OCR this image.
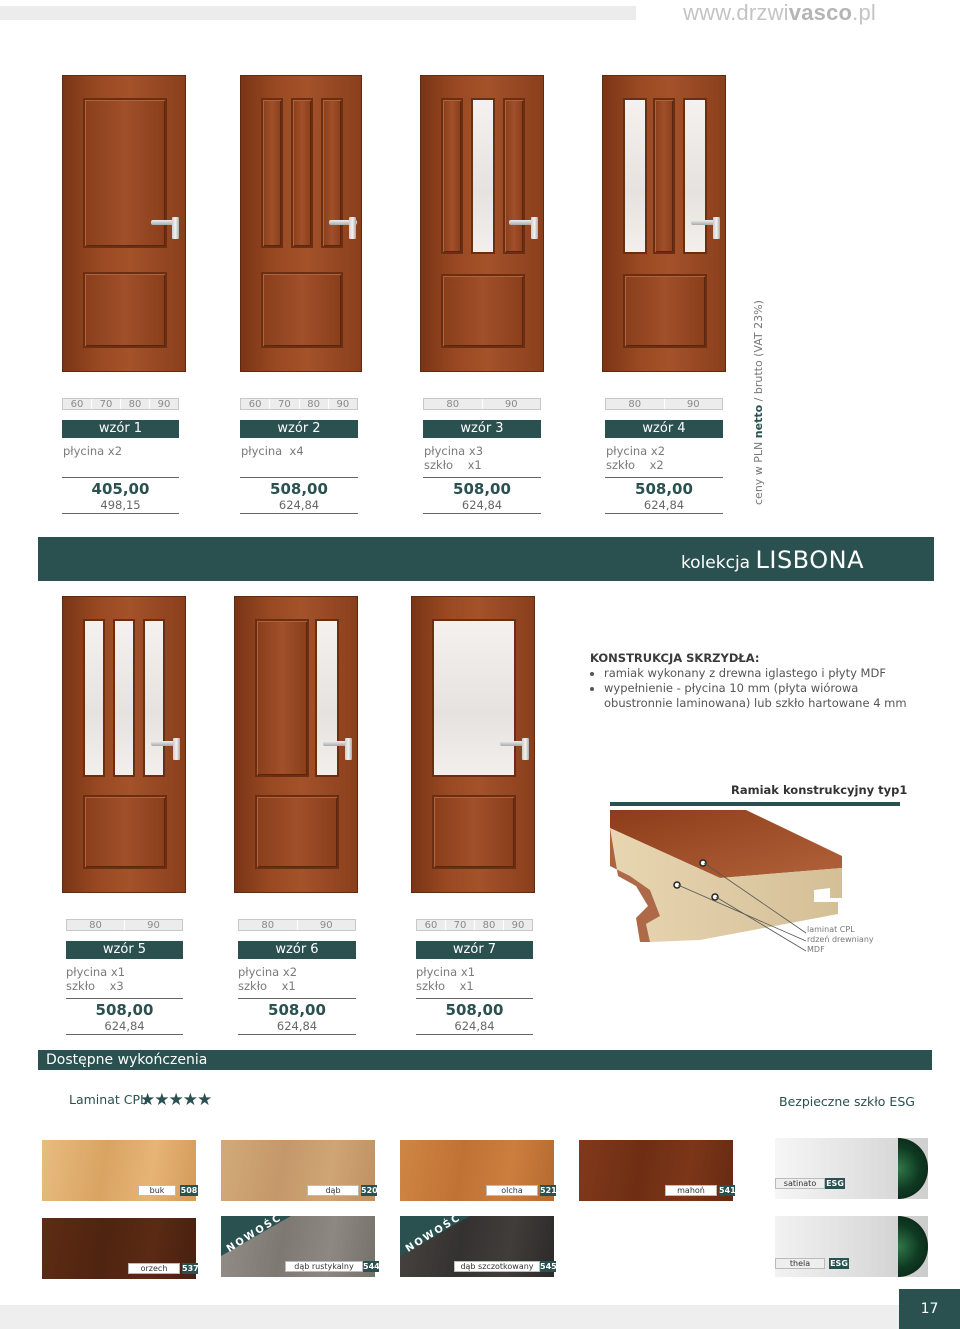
www.drzwivasco.pl
60	70	80	90
wzór 1
płycina x2
405,00
498,15
60	70	80	90
wzór 2
płycina  x4
508,00
624,84
80	90
wzór 3
płycina x3
szkło    x1
508,00
624,84
80	90
wzór 4
płycina x2
szkło    x2
508,00
624,84	ceny w PLN netto / brutto (VAT 23%)
kolekcja LISBONA
KONSTRUKCJA SKRZYDŁA:
• ramiak wykonany z drewna iglastego i płyty MDF
• wypełnienie - płycina 10 mm (płyta wiórowa obustronnie laminowana) lub szkło hartowane 4 mm
Ramiak konstrukcyjny typ1
laminat CPL
rdzeń drewniany
MDF
80	90
wzór 5
płycina x1
szkło    x3
508,00
624,84
80	90
wzór 6
płycina x2
szkło    x1
508,00
624,84
60	70	80	90
wzór 7
płycina x1
szkło    x1
508,00
624,84
Dostępne wykończenia
Laminat CPL
★★★★★	Bezpieczne szkło ESG
buk	508	dąb	520	olcha	521	mahoń	541
satinato	ESG
orzech	537
NOWOŚĆ
dąb rustykalny	544
NOWOŚĆ
dąb szczotkowany 545	thela	ESG
17
